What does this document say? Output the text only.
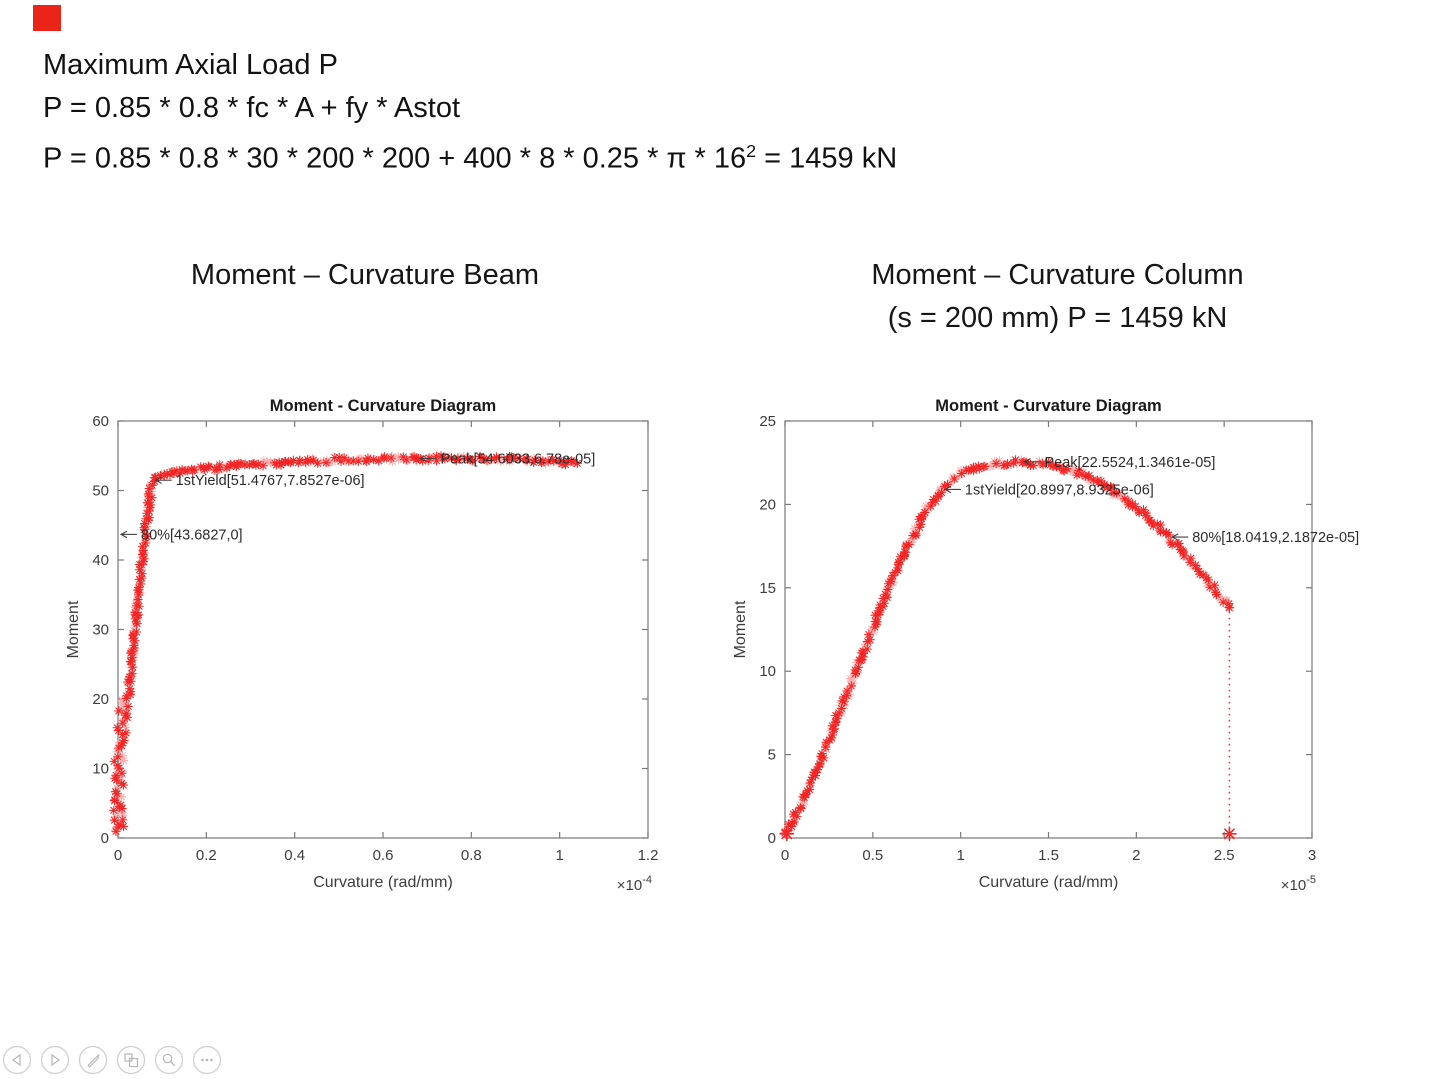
Maximum Axial Load P
P = 0.85 * 0.8 * fc * A + fy * Astot
$P = 0.85 * 0.8 * 30 * 200 * 200 + 400 * 8 * 0.25 * \pi * 16^2 = 1459$ kN
Moment – Curvature Beam	Moment – Curvature Column
(s = 200 mm) P = 1459 kN
0	0.2	0.4	0.6	0.8	1	1.2
0
10
20
30
40
50
60
Moment - Curvature Diagram
Curvature (rad/mm)
Moment
$\times 10^{-4}$
Peak[54.6033,6.78e-05]
1stYield[51.4767,7.8527e-06]
80%[43.6827,0]
0	0.5	1	1.5	2	2.5	3
0
5
10
15
20
25
Moment - Curvature Diagram
Curvature (rad/mm)
Moment
$\times 10^{-5}$
Peak[22.5524,1.3461e-05]
1stYield[20.8997,8.9325e-06]
80%[18.0419,2.1872e-05]
